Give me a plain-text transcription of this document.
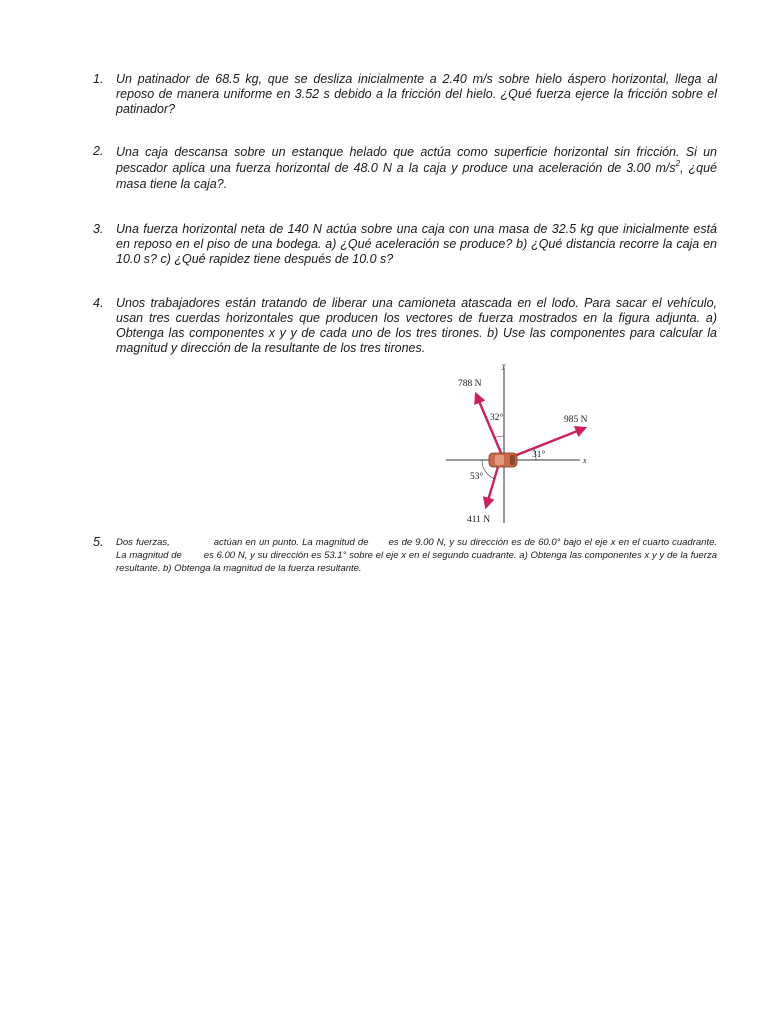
1. Un patinador de 68.5 kg, que se desliza inicialmente a 2.40 m/s sobre hielo áspero horizontal, llega al reposo de manera uniforme en 3.52 s debido a la fricción del hielo. ¿Qué fuerza ejerce la fricción sobre el patinador?
2. Una caja descansa sobre un estanque helado que actúa como superficie horizontal sin fricción. Si un pescador aplica una fuerza horizontal de 48.0 N a la caja y produce una aceleración de 3.00 $m/s^2$, ¿qué masa tiene la caja?.
3. Una fuerza horizontal neta de 140 N actúa sobre una caja con una masa de 32.5 kg que inicialmente está en reposo en el piso de una bodega. a) ¿Qué aceleración se produce? b) ¿Qué distancia recorre la caja en 10.0 s? c) ¿Qué rapidez tiene después de 10.0 s?
4. Unos trabajadores están tratando de liberar una camioneta atascada en el lodo. Para sacar el vehículo, usan tres cuerdas horizontales que producen los vectores de fuerza mostrados en la figura adjunta. a) Obtenga las componentes x y y de cada uno de los tres tirones. b) Use las componentes para calcular la magnitud y dirección de la resultante de los tres tirones.
y
x
788 N
32°	985 N
31°
411 N
53°
5. Dos fuerzas,	actúan en un punto. La magnitud de es de 9.00 N, y su dirección es de 60.0° bajo el eje x en el cuarto cuadrante. La magnitud de es 6.00 N, y su dirección es 53.1° sobre el eje x en el segundo cuadrante. a) Obtenga las componentes x y y de la fuerza resultante. b) Obtenga la magnitud de la fuerza resultante.
